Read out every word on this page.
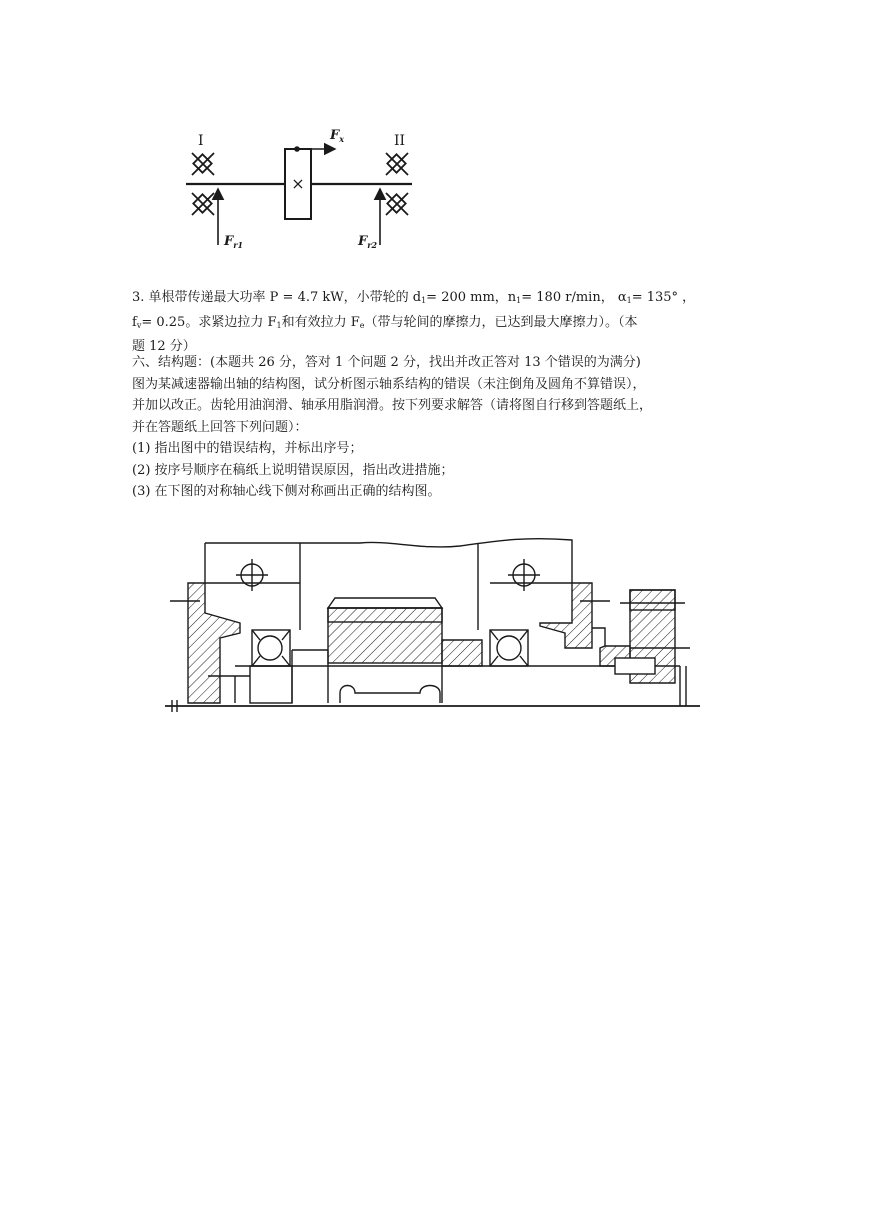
×
$F_x$
I
$F_{r1}$
II
$F_{r2}$

3. 单根带传递最大功率 P = 4.7 kW，小带轮的 $d_1= 200$ mm，$n_1= 180$ r/min， $\alpha_1= 135^\circ$ ，

$f_v= 0.25$。求紧边拉力 $F_1$和有效拉力 $F_e$（带与轮间的摩擦力，已达到最大摩擦力）。（本

题 12 分）

六、结构题：(本题共 26 分，答对 1 个问题 2 分，找出并改正答对 13 个错误的为满分)

图为某减速器输出轴的结构图，试分析图示轴系结构的错误（未注倒角及圆角不算错误），

并加以改正。齿轮用油润滑、轴承用脂润滑。按下列要求解答（请将图自行移到答题纸上，

并在答题纸上回答下列问题）：

(1) 指出图中的错误结构，并标出序号；

(2) 按序号顺序在稿纸上说明错误原因，指出改进措施；

(3) 在下图的对称轴心线下侧对称画出正确的结构图。
